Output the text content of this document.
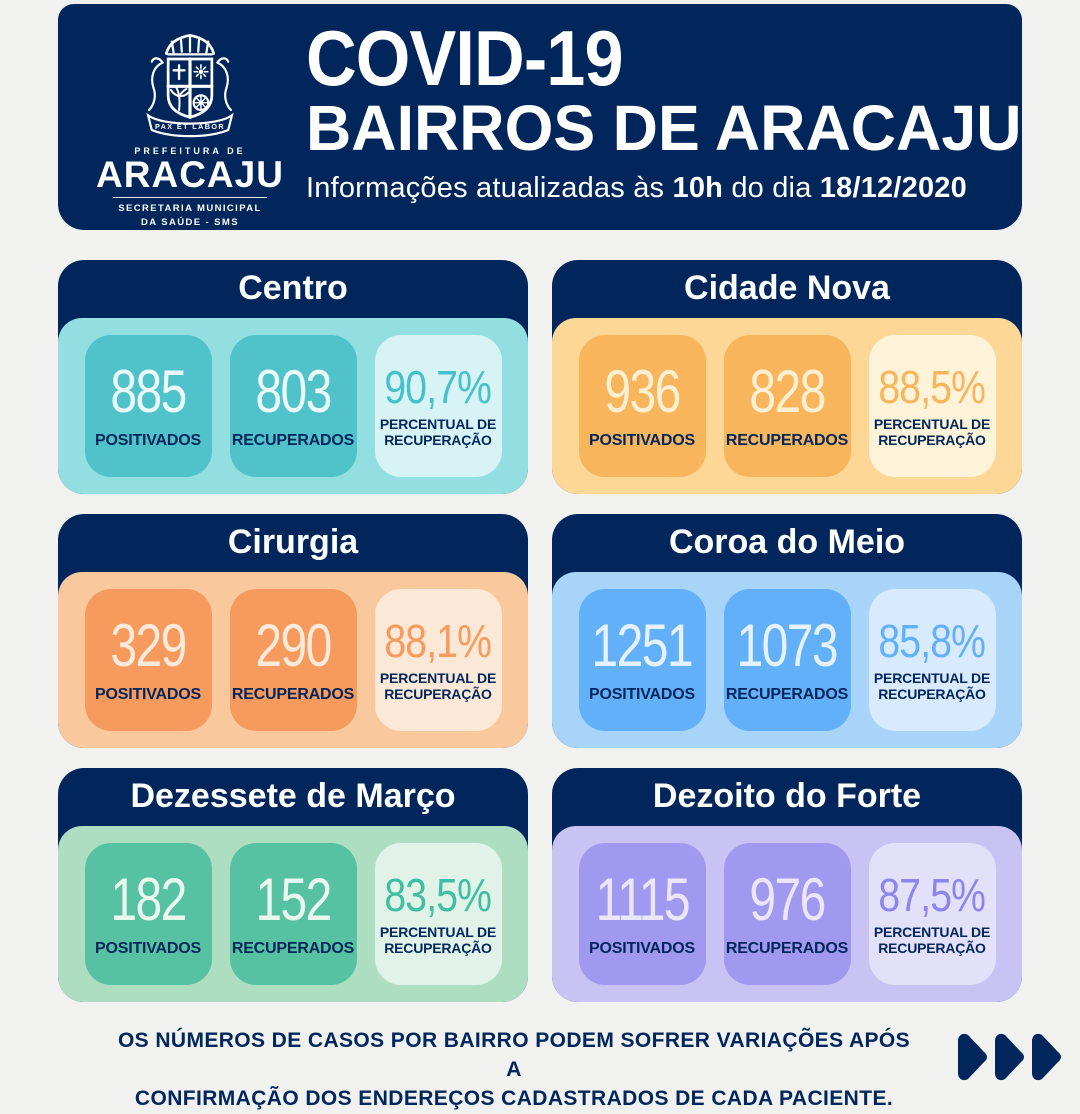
PAX ET LABOR
PREFEITURA DE
ARACAJU
SECRETARIA MUNICIPAL
DA SAÚDE - SMS
COVID-19
BAIRROS DE ARACAJU
Informações atualizadas às 10h do dia 18/12/2020
Centro
885
POSITIVADOS
803
RECUPERADOS
90,7%
PERCENTUAL DE RECUPERAÇÃO
Cidade Nova
936
POSITIVADOS
828
RECUPERADOS
88,5%
PERCENTUAL DE RECUPERAÇÃO
Cirurgia
329
POSITIVADOS
290
RECUPERADOS
88,1%
PERCENTUAL DE RECUPERAÇÃO
Coroa do Meio
1251
POSITIVADOS
1073
RECUPERADOS
85,8%
PERCENTUAL DE RECUPERAÇÃO
Dezessete de Março
182
POSITIVADOS
152
RECUPERADOS
83,5%
PERCENTUAL DE RECUPERAÇÃO
Dezoito do Forte
1115
POSITIVADOS
976
RECUPERADOS
87,5%
PERCENTUAL DE RECUPERAÇÃO
OS NÚMEROS DE CASOS POR BAIRRO PODEM SOFRER VARIAÇÕES APÓS A
CONFIRMAÇÃO DOS ENDEREÇOS CADASTRADOS DE CADA PACIENTE.
